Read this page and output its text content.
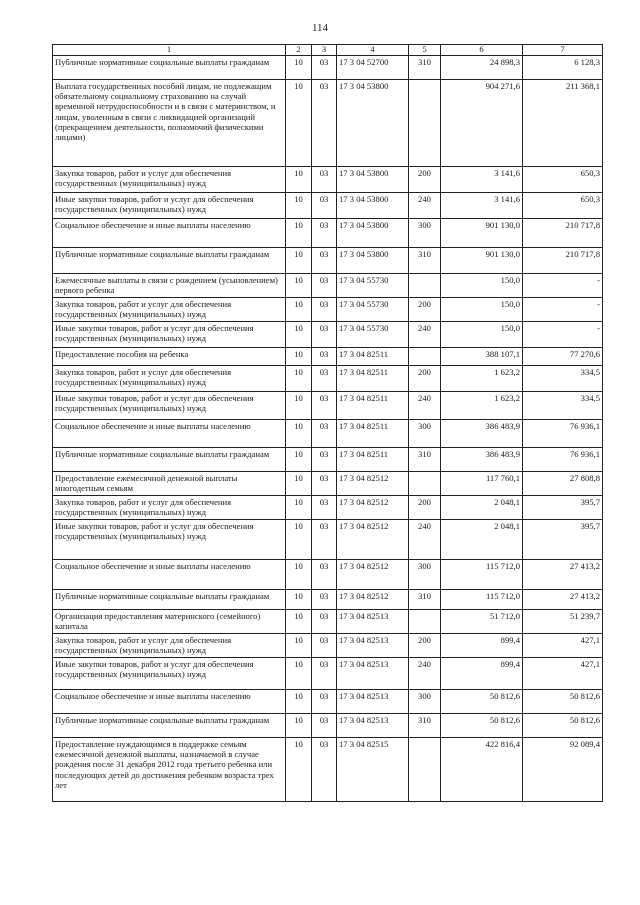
114
1	2	3	4	5	6	7
Публичные нормативные социальные выплаты гражданам	10	03	17 3 04 52700	310	24 898,3	6 128,3
Выплата государственных пособий лицам, не подлежащим обязательному социальному страхованию на случай временной нетрудоспособности и в связи с материнством, и лицам, уволенным в связи с ликвидацией организаций (прекращением деятельности, полномочий физическими лицами)	10	03	17 3 04 53800		904 271,6	211 368,1
Закупка товаров, работ и услуг для обеспечения государственных (муниципальных) нужд	10	03	17 3 04 53800	200	3 141,6	650,3
Иные закупки товаров, работ и услуг для обеспечения государственных (муниципальных) нужд	10	03	17 3 04 53800	240	3 141,6	650,3
Социальное обеспечение и иные выплаты населению	10	03	17 3 04 53800	300	901 130,0	210 717,8
Публичные нормативные социальные выплаты гражданам	10	03	17 3 04 53800	310	901 130,0	210 717,8
Ежемесячные выплаты в связи с рождением (усыновлением) первого ребенка	10	03	17 3 04 55730		150,0	-
Закупка товаров, работ и услуг для обеспечения государственных (муниципальных) нужд	10	03	17 3 04 55730	200	150,0	-
Иные закупки товаров, работ и услуг для обеспечения государственных (муниципальных) нужд	10	03	17 3 04 55730	240	150,0	-
Предоставление пособия на ребенка	10	03	17 3 04 82511		388 107,1	77 270,6
Закупка товаров, работ и услуг для обеспечения государственных (муниципальных) нужд	10	03	17 3 04 82511	200	1 623,2	334,5
Иные закупки товаров, работ и услуг для обеспечения государственных (муниципальных) нужд	10	03	17 3 04 82511	240	1 623,2	334,5
Социальное обеспечение и иные выплаты населению	10	03	17 3 04 82511	300	386 483,9	76 936,1
Публичные нормативные социальные выплаты гражданам	10	03	17 3 04 82511	310	386 483,9	76 936,1
Предоставление ежемесячной денежной выплаты многодетным семьям	10	03	17 3 04 82512		117 760,1	27 808,8
Закупка товаров, работ и услуг для обеспечения государственных (муниципальных) нужд	10	03	17 3 04 82512	200	2 048,1	395,7
Иные закупки товаров, работ и услуг для обеспечения государственных (муниципальных) нужд	10	03	17 3 04 82512	240	2 048,1	395,7
Социальное обеспечение и иные выплаты населению	10	03	17 3 04 82512	300	115 712,0	27 413,2
Публичные нормативные социальные выплаты гражданам	10	03	17 3 04 82512	310	115 712,0	27 413,2
Организация предоставления материнского (семейного) капитала	10	03	17 3 04 82513		51 712,0	51 239,7
Закупка товаров, работ и услуг для обеспечения государственных (муниципальных) нужд	10	03	17 3 04 82513	200	899,4	427,1
Иные закупки товаров, работ и услуг для обеспечения государственных (муниципальных) нужд	10	03	17 3 04 82513	240	899,4	427,1
Социальное обеспечение и иные выплаты населению	10	03	17 3 04 82513	300	50 812,6	50 812,6
Публичные нормативные социальные выплаты гражданам	10	03	17 3 04 82513	310	50 812,6	50 812,6
Предоставление нуждающимся в поддержке семьям ежемесячной денежной выплаты, назначаемой в случае рождения после 31 декабря 2012 года третьего ребенка или последующих детей до достижения ребенком возраста трех лет	10	03	17 3 04 82515		422 816,4	92 089,4
